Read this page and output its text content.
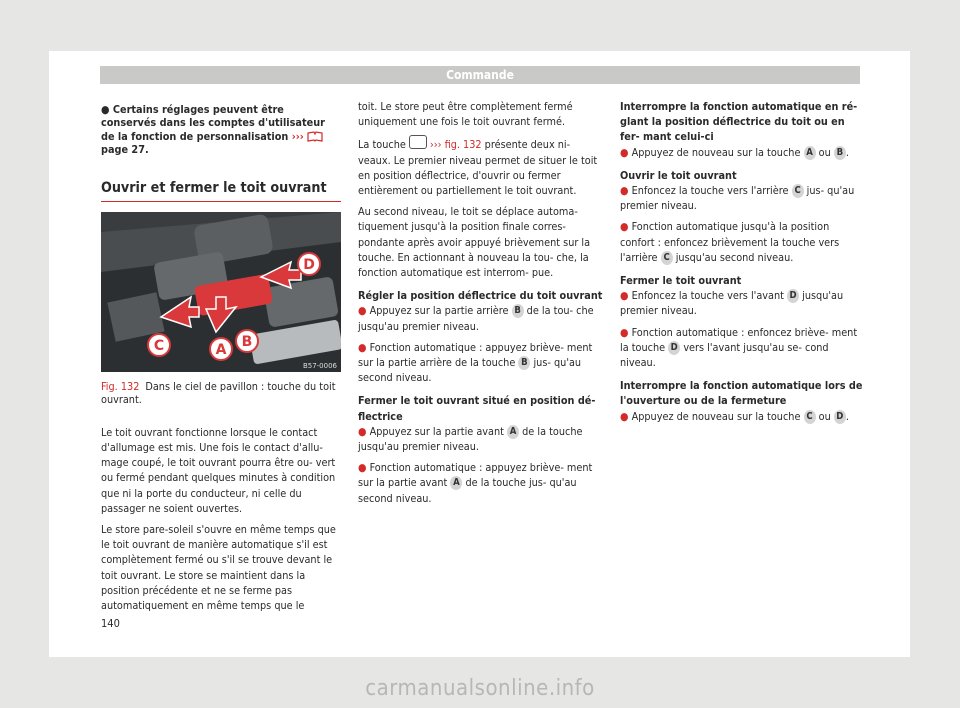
Commande
● Certains réglages peuvent être conservés dans les comptes d'utilisateur de la fonction de personnalisation ›››  page 27.
Ouvrir et fermer le toit ouvrant
D
C	A B
B57-0006
Fig. 132 Dans le ciel de pavillon : touche du toit ouvrant.

Le toit ouvrant fonctionne lorsque le contact d'allumage est mis. Une fois le contact d'allu- mage coupé, le toit ouvrant pourra être ou- vert ou fermé pendant quelques minutes à condition que ni la porte du conducteur, ni celle du passager ne soient ouvertes.

Le store pare-soleil s'ouvre en même temps que le toit ouvrant de manière automatique s'il est complètement fermé ou s'il se trouve devant le toit ouvrant. Le store se maintient dans la position précédente et ne se ferme pas automatiquement en même temps que le

toit. Le store peut être complètement fermé uniquement une fois le toit ouvrant fermé.

La touche ››› fig. 132 présente deux ni- veaux. Le premier niveau permet de situer le toit en position déflectrice, d'ouvrir ou fermer entièrement ou partiellement le toit ouvrant.

Au second niveau, le toit se déplace automa- tiquement jusqu'à la position finale corres- pondante après avoir appuyé brièvement sur la touche. En actionnant à nouveau la tou- che, la fonction automatique est interrom- pue.

Régler la position déflectrice du toit ouvrant

● Appuyez sur la partie arrière B de la tou- che jusqu'au premier niveau.

● Fonction automatique : appuyez briève- ment sur la partie arrière de la touche B jus- qu'au second niveau.

Fermer le toit ouvrant situé en position dé- flectrice

● Appuyez sur la partie avant A de la touche jusqu'au premier niveau.

● Fonction automatique : appuyez briève- ment sur la partie avant A de la touche jus- qu'au second niveau.

Interrompre la fonction automatique en ré- glant la position déflectrice du toit ou en fer- mant celui-ci

● Appuyez de nouveau sur la touche A ou B .

Ouvrir le toit ouvrant

● Enfoncez la touche vers l'arrière C jus- qu'au premier niveau.

● Fonction automatique jusqu'à la position confort : enfoncez brièvement la touche vers l'arrière C jusqu'au second niveau.

Fermer le toit ouvrant

● Enfoncez la touche vers l'avant D jusqu'au premier niveau.

● Fonction automatique : enfoncez briève- ment la touche D vers l'avant jusqu'au se- cond niveau.

Interrompre la fonction automatique lors de l'ouverture ou de la fermeture

● Appuyez de nouveau sur la touche C ou D .

140
carmanualsonline.info
